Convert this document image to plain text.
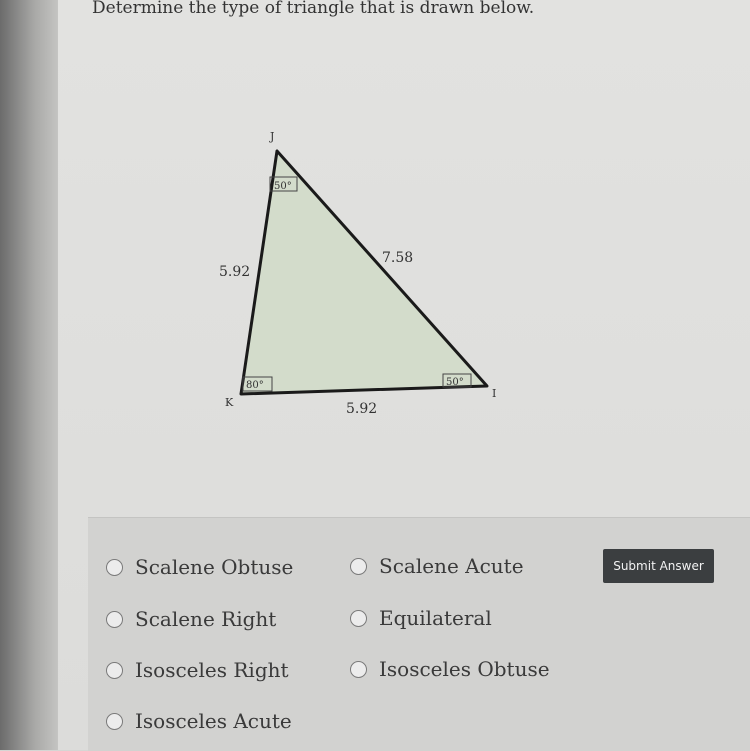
Determine the type of triangle that is drawn below.

J
K
I
50°
80°	50°
5.92
7.58
5.92
Scalene Obtuse	Scalene Acute
Scalene Right	Equilateral
Isosceles Right	Isosceles Obtuse
Isosceles Acute
Submit Answer
